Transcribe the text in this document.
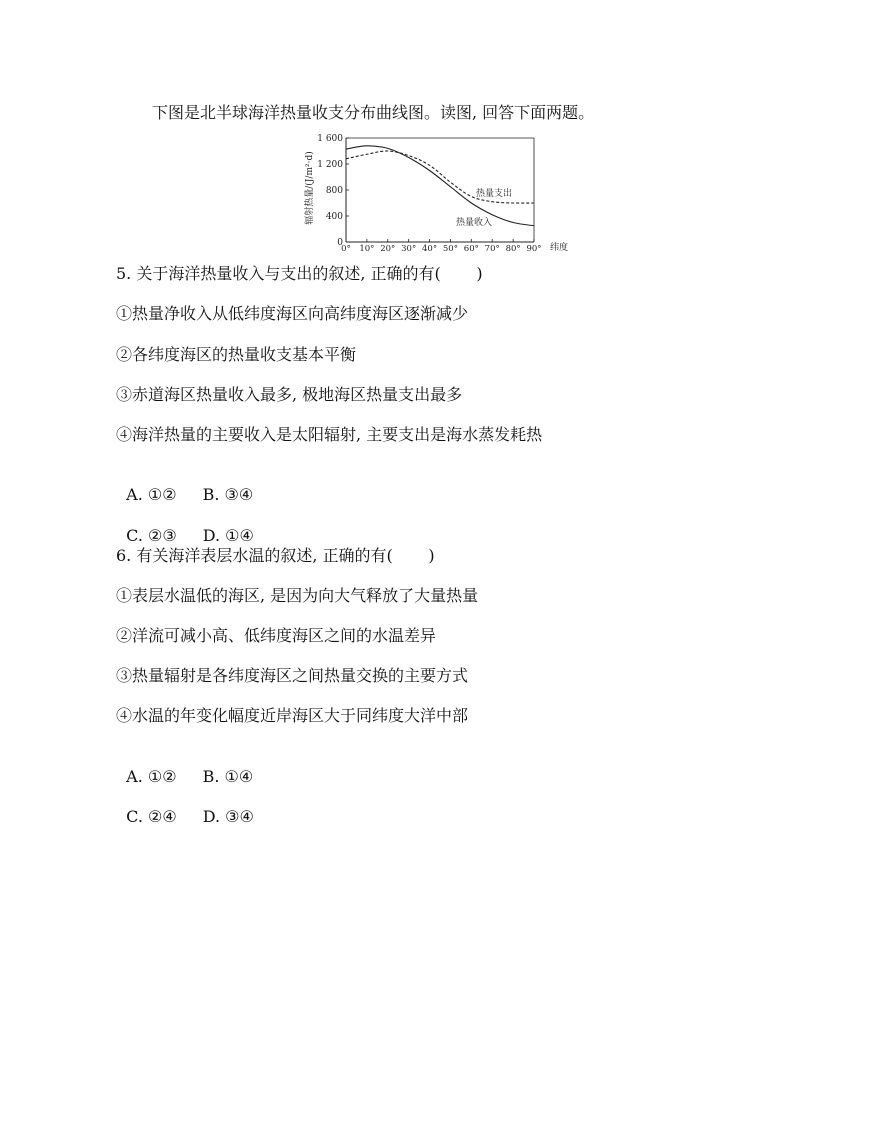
下图是北半球海洋热量收支分布曲线图。读图, 回答下面两题。
0
400
800
1 200
1 600
0° 10° 20° 30° 40° 50° 60° 70° 80° 90°
辐射热量/(J/m²·d)
纬度
热量支出
热量收入
5. 关于海洋热量收入与支出的叙述, 正确的有(       )
①热量净收入从低纬度海区向高纬度海区逐渐减少
②各纬度海区的热量收支基本平衡
③赤道海区热量收入最多, 极地海区热量支出最多
④海洋热量的主要收入是太阳辐射, 主要支出是海水蒸发耗热

A. ①② B. ③④

C. ②③ D. ①④

6. 有关海洋表层水温的叙述, 正确的有(       )
①表层水温低的海区, 是因为向大气释放了大量热量
②洋流可减小高、低纬度海区之间的水温差异
③热量辐射是各纬度海区之间热量交换的主要方式
④水温的年变化幅度近岸海区大于同纬度大洋中部

A. ①② B. ①④

C. ②④ D. ③④
